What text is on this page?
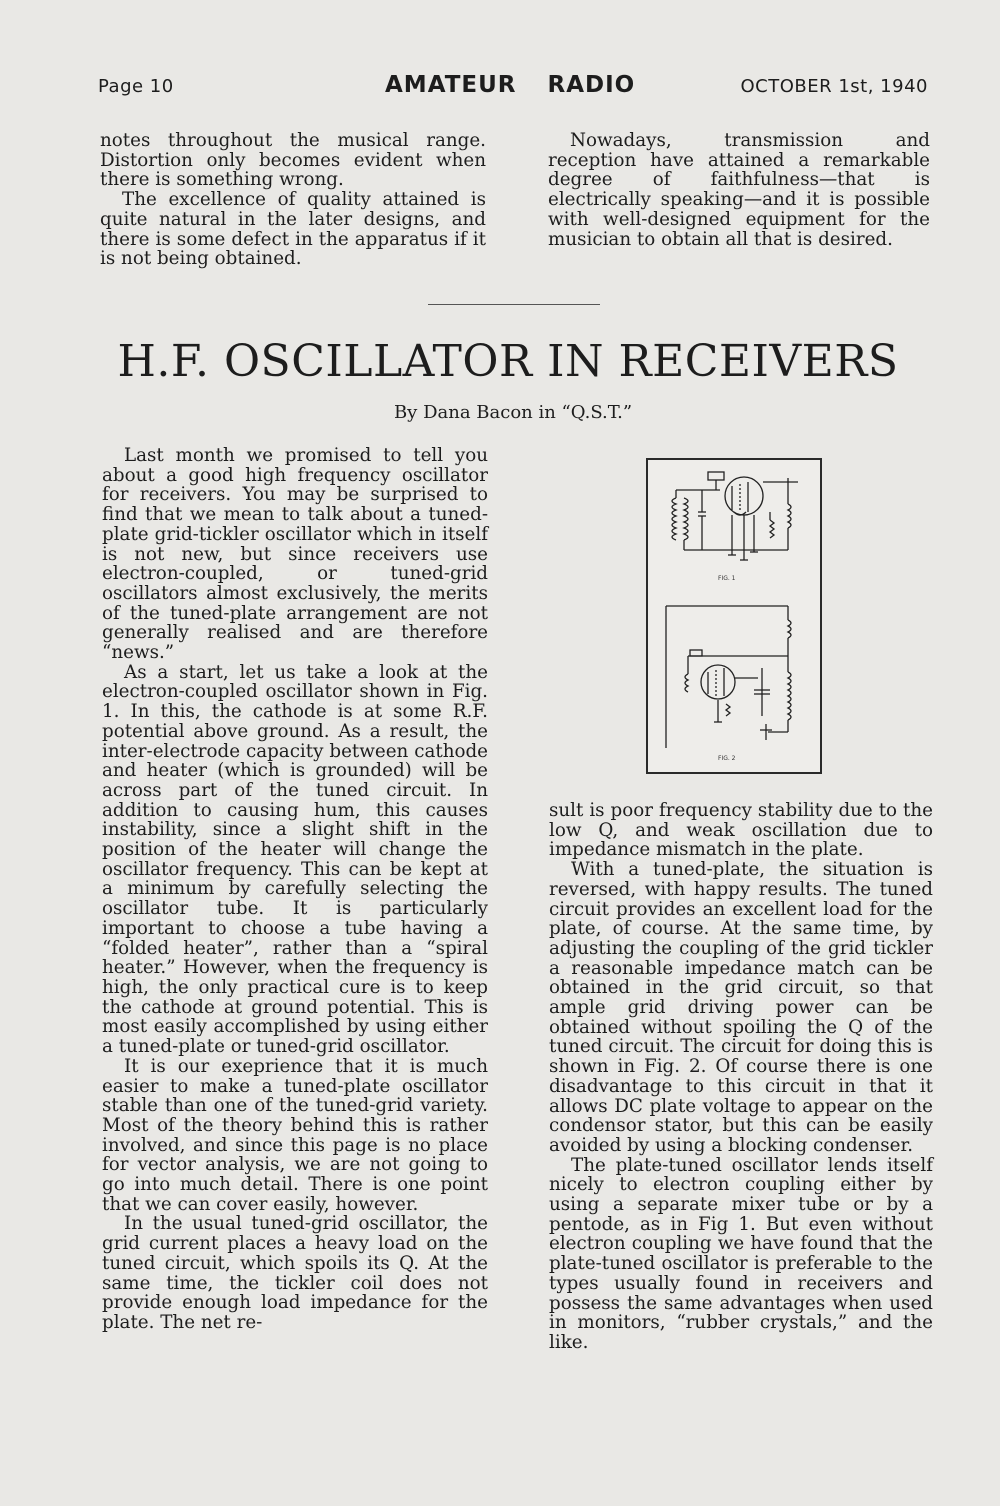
Page 10	AMATEUR RADIO	OCTOBER 1st, 1940

notes throughout the musical range. Distortion only becomes evident when there is something wrong.

The excellence of quality attained is quite natural in the later designs, and there is some defect in the apparatus if it is not being obtained.

Nowadays, transmission and reception have attained a remarkable degree of faithfulness—that is electrically speaking—and it is possible with well-designed equipment for the musician to obtain all that is desired.

H.F. OSCILLATOR IN RECEIVERS
By Dana Bacon in “Q.S.T.”

Last month we promised to tell you about a good high frequency oscillator for receivers. You may be surprised to find that we mean to talk about a tuned-plate grid-tickler oscillator which in itself is not new, but since receivers use electron-coupled, or tuned-grid oscillators almost exclusively, the merits of the tuned-plate arrangement are not generally realised and are therefore “news.”

As a start, let us take a look at the electron-coupled oscillator shown in Fig. 1. In this, the cathode is at some R.F. potential above ground. As a result, the inter-electrode capacity between cathode and heater (which is grounded) will be across part of the tuned circuit. In addition to causing hum, this causes instability, since a slight shift in the position of the heater will change the oscillator frequency. This can be kept at a minimum by carefully selecting the oscillator tube. It is particularly important to choose a tube having a “folded heater”, rather than a “spiral heater.” However, when the frequency is high, the only practical cure is to keep the cathode at ground potential. This is most easily accomplished by using either a tuned-plate or tuned-grid oscillator.

It is our exeprience that it is much easier to make a tuned-plate oscillator stable than one of the tuned-grid variety. Most of the theory behind this is rather involved, and since this page is no place for vector analysis, we are not going to go into much detail. There is one point that we can cover easily, however.

In the usual tuned-grid oscillator, the grid current places a heavy load on the tuned circuit, which spoils its Q. At the same time, the tickler coil does not provide enough load impedance for the plate. The net re-

FIG. 1
FIG. 2

sult is poor frequency stability due to the low Q, and weak oscillation due to impedance mismatch in the plate.

With a tuned-plate, the situation is reversed, with happy results. The tuned circuit provides an excellent load for the plate, of course. At the same time, by adjusting the coupling of the grid tickler a reasonable impedance match can be obtained in the grid circuit, so that ample grid driving power can be obtained without spoiling the Q of the tuned circuit. The circuit for doing this is shown in Fig. 2. Of course there is one disadvantage to this circuit in that it allows DC plate voltage to appear on the condensor stator, but this can be easily avoided by using a blocking condenser.

The plate-tuned oscillator lends itself nicely to electron coupling either by using a separate mixer tube or by a pentode, as in Fig 1. But even without electron coupling we have found that the plate-tuned oscillator is preferable to the types usually found in receivers and possess the same advantages when used in monitors, “rubber crystals,” and the like.
